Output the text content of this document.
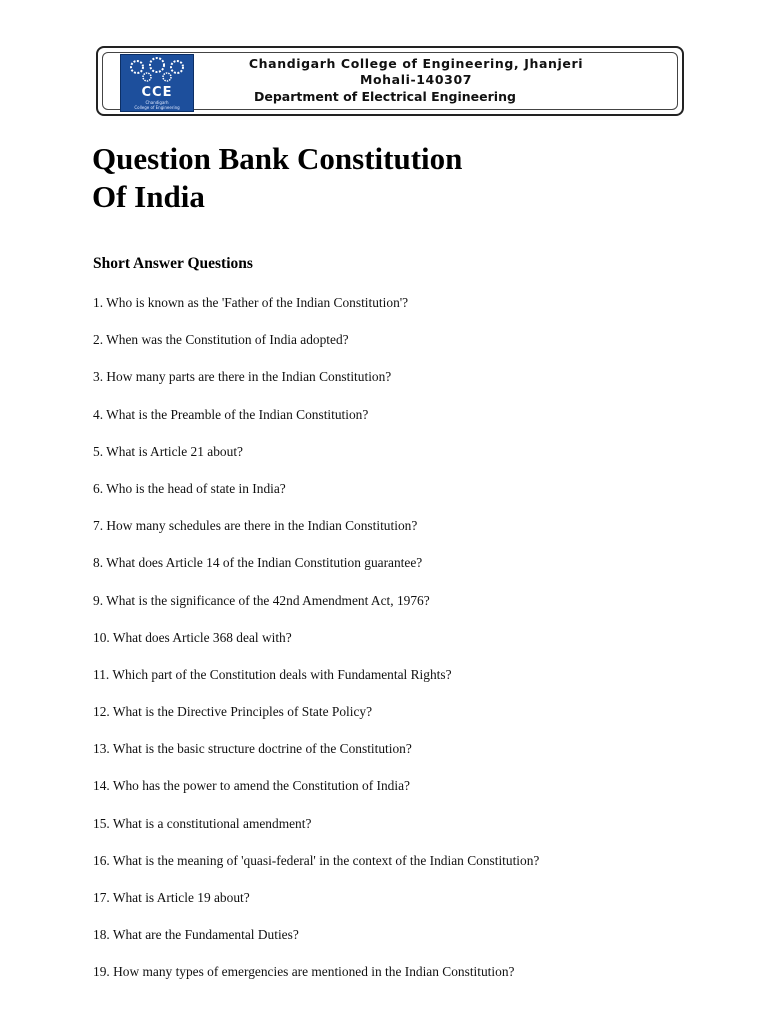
CCE
Chandigarh
College of Engineering
Chandigarh College of Engineering, Jhanjeri
Mohali-140307
Department of Electrical Engineering
Question Bank Constitution
Of India
Short Answer Questions
1. Who is known as the 'Father of the Indian Constitution'?
2. When was the Constitution of India adopted?
3. How many parts are there in the Indian Constitution?
4. What is the Preamble of the Indian Constitution?
5. What is Article 21 about?
6. Who is the head of state in India?
7. How many schedules are there in the Indian Constitution?
8. What does Article 14 of the Indian Constitution guarantee?
9. What is the significance of the 42nd Amendment Act, 1976?
10. What does Article 368 deal with?
11. Which part of the Constitution deals with Fundamental Rights?
12. What is the Directive Principles of State Policy?
13. What is the basic structure doctrine of the Constitution?
14. Who has the power to amend the Constitution of India?
15. What is a constitutional amendment?
16. What is the meaning of 'quasi-federal' in the context of the Indian Constitution?
17. What is Article 19 about?
18. What are the Fundamental Duties?
19. How many types of emergencies are mentioned in the Indian Constitution?
